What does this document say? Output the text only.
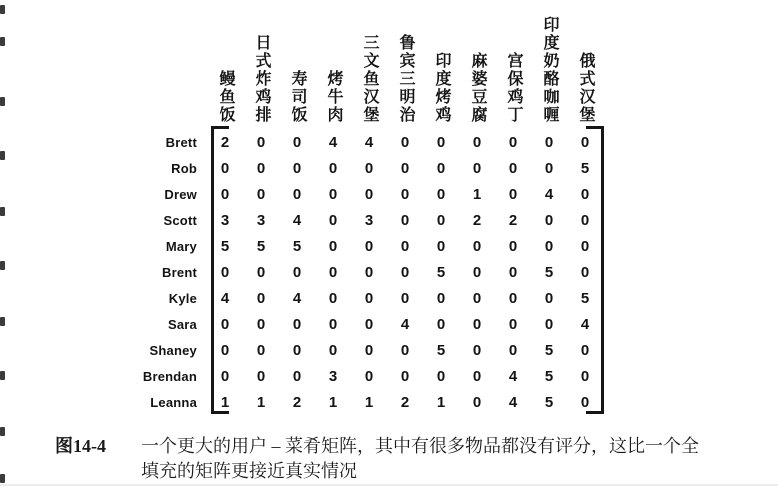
鳗鱼饭 日式炸鸡排 寿司饭 烤牛肉 三文鱼汉堡 鲁宾三明治 印度烤鸡 麻婆豆腐 宫保鸡丁 印度奶酪咖喱 俄式汉堡
Brett	2	0	0	4	4	0	0	0	0	0	0
Rob	0	0	0	0	0	0	0	0	0	0	5
Drew	0	0	0	0	0	0	0	1	0	4	0
Scott	3	3	4	0	3	0	0	2	2	0	0
Mary	5	5	5	0	0	0	0	0	0	0	0
Brent	0	0	0	0	0	0	5	0	0	5	0
Kyle	4	0	4	0	0	0	0	0	0	0	5
Sara	0	0	0	0	0	4	0	0	0	0	4
Shaney	0	0	0	0	0	0	5	0	0	5	0
Brendan	0	0	0	3	0	0	0	0	4	5	0
Leanna	1	1	2	1	1	2	1	0	4	5	0
图14-4	一个更大的用户 – 菜肴矩阵，其中有很多物品都没有评分，这比一个全
填充的矩阵更接近真实情况
